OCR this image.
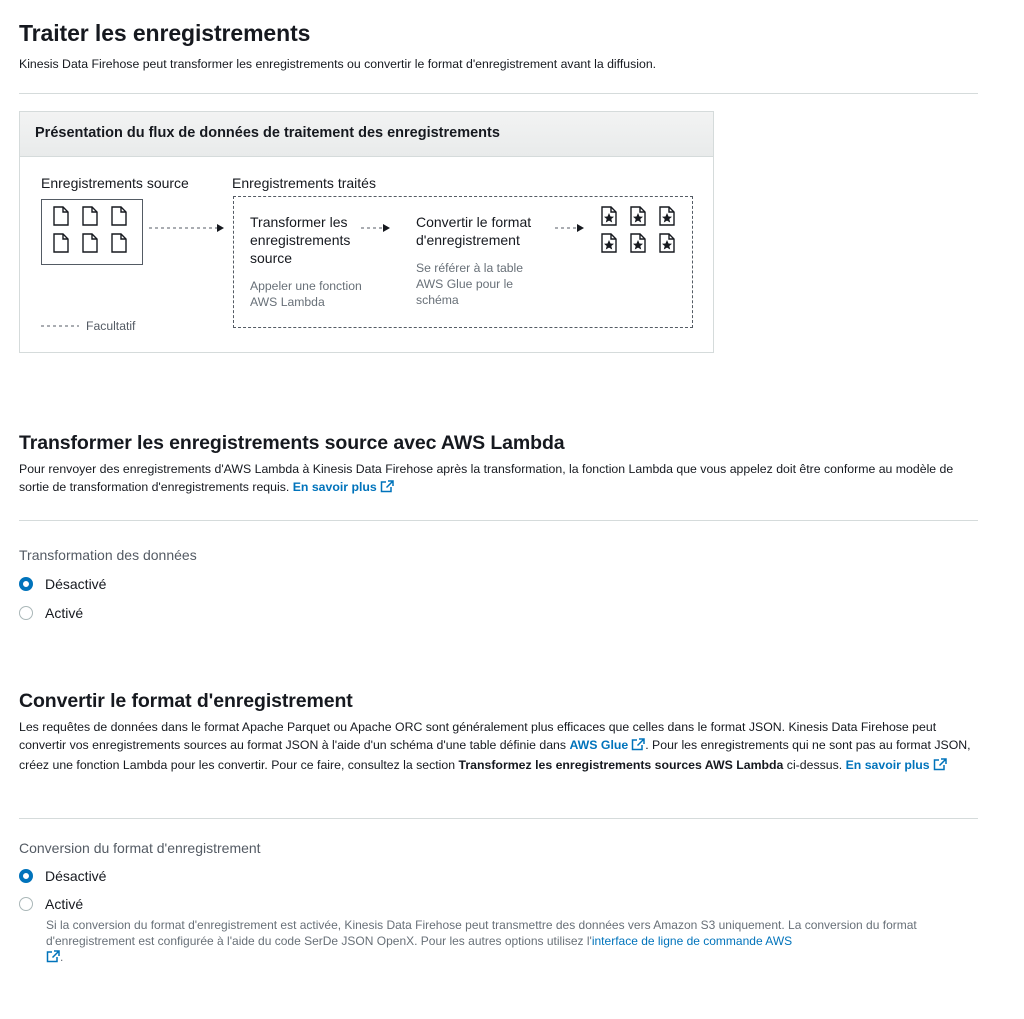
Traiter les enregistrements
Kinesis Data Firehose peut transformer les enregistrements ou convertir le format d'enregistrement avant la diffusion.
Présentation du flux de données de traitement des enregistrements
Enregistrements source	Enregistrements traités
Transformer les enregistrements source
Appeler une fonction AWS Lambda
Convertir le format d'enregistrement
Se référer à la table AWS Glue pour le schéma
Facultatif
Transformer les enregistrements source avec AWS Lambda
Pour renvoyer des enregistrements d'AWS Lambda à Kinesis Data Firehose après la transformation, la fonction Lambda que vous appelez doit être conforme au modèle de sortie de transformation d'enregistrements requis. En savoir plus
Transformation des données
Désactivé
Activé
Convertir le format d'enregistrement
Les requêtes de données dans le format Apache Parquet ou Apache ORC sont généralement plus efficaces que celles dans le format JSON. Kinesis Data Firehose peut convertir vos enregistrements sources au format JSON à l'aide d'un schéma d'une table définie dans AWS Glue . Pour les enregistrements qui ne sont pas au format JSON, créez une fonction Lambda pour les convertir. Pour ce faire, consultez la section Transformez les enregistrements sources AWS Lambda ci-dessus. En savoir plus
Conversion du format d'enregistrement
Désactivé
Activé
Si la conversion du format d'enregistrement est activée, Kinesis Data Firehose peut transmettre des données vers Amazon S3 uniquement. La conversion du format d'enregistrement est configurée à l'aide du code SerDe JSON OpenX. Pour les autres options utilisez l'interface de ligne de commande AWS
.
